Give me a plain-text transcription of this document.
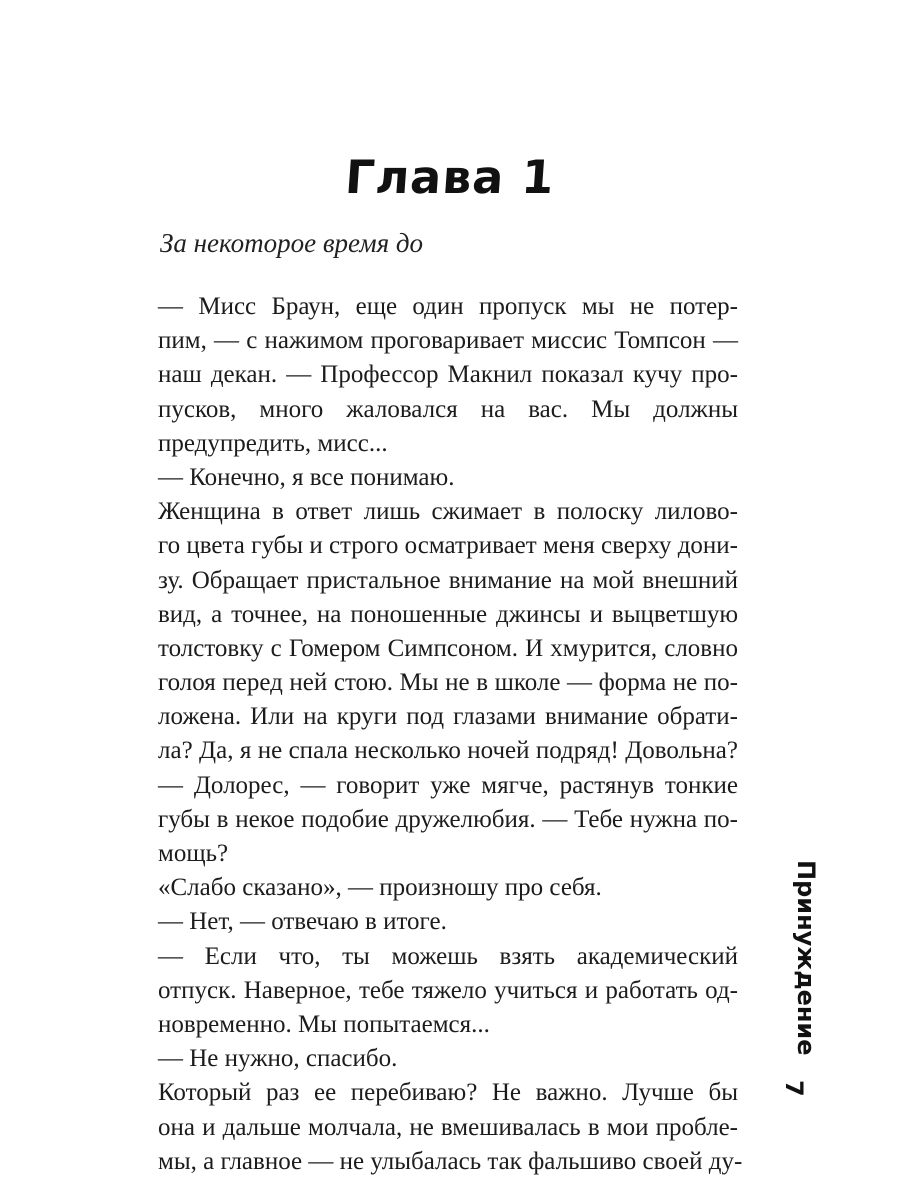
Глава 1
За некоторое время до
— Мисс Браун, еще один пропуск мы не потер-
пим, — с нажимом проговаривает миссис Томпсон —
наш декан. — Профессор Макнил показал кучу про-
пусков, много жаловался на вас. Мы должны
предупредить, мисс...
— Конечно, я все понимаю.
Женщина в ответ лишь сжимает в полоску лилово-
го цвета губы и строго осматривает меня сверху дони-
зу. Обращает пристальное внимание на мой внешний
вид, а точнее, на поношенные джинсы и выцветшую
толстовку с Гомером Симпсоном. И хмурится, словно
голоя перед ней стою. Мы не в школе — форма не по-
ложена. Или на круги под глазами внимание обрати-
ла? Да, я не спала несколько ночей подряд! Довольна?
— Долорес, — говорит уже мягче, растянув тонкие
губы в некое подобие дружелюбия. — Тебе нужна по-
мощь?
«Слабо сказано», — произношу про себя.
— Нет, — отвечаю в итоге.
— Если что, ты можешь взять академический
отпуск. Наверное, тебе тяжело учиться и работать од-
новременно. Мы попытаемся...
— Не нужно, спасибо.
Который раз ее перебиваю? Не важно. Лучше бы
она и дальше молчала, не вмешивалась в мои пробле-
мы, а главное — не улыбалась так фальшиво своей ду-
Принуждение
7
